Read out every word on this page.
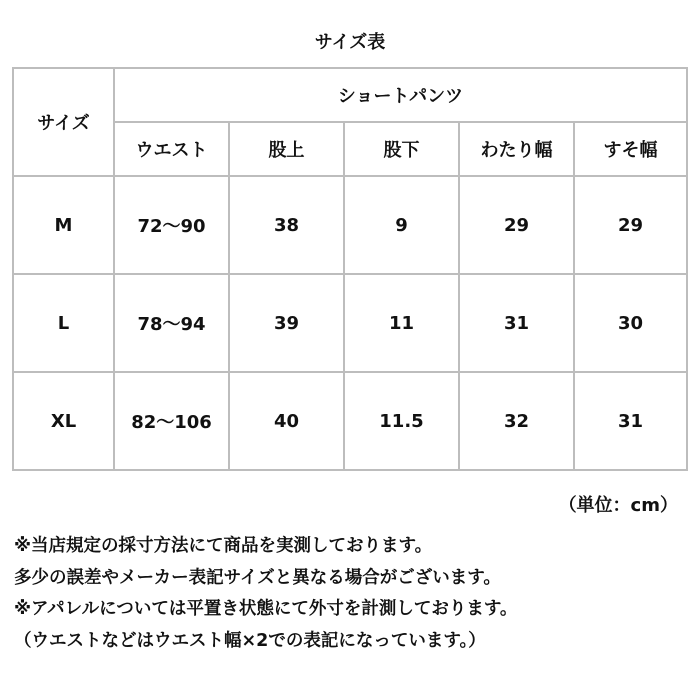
サイズ表
サイズ	ショートパンツ				
	ウエスト	股上	股下	わたり幅	すそ幅
M	72～90	38	9	29	29
L	78～94	39	11	31	30
XL	82～106	40	11.5	32	31
（単位：cm）
※当店規定の採寸方法にて商品を実測しております。
多少の誤差やメーカー表記サイズと異なる場合がございます。
※アパレルについては平置き状態にて外寸を計測しております。
（ウエストなどはウエスト幅×2での表記になっています。）
